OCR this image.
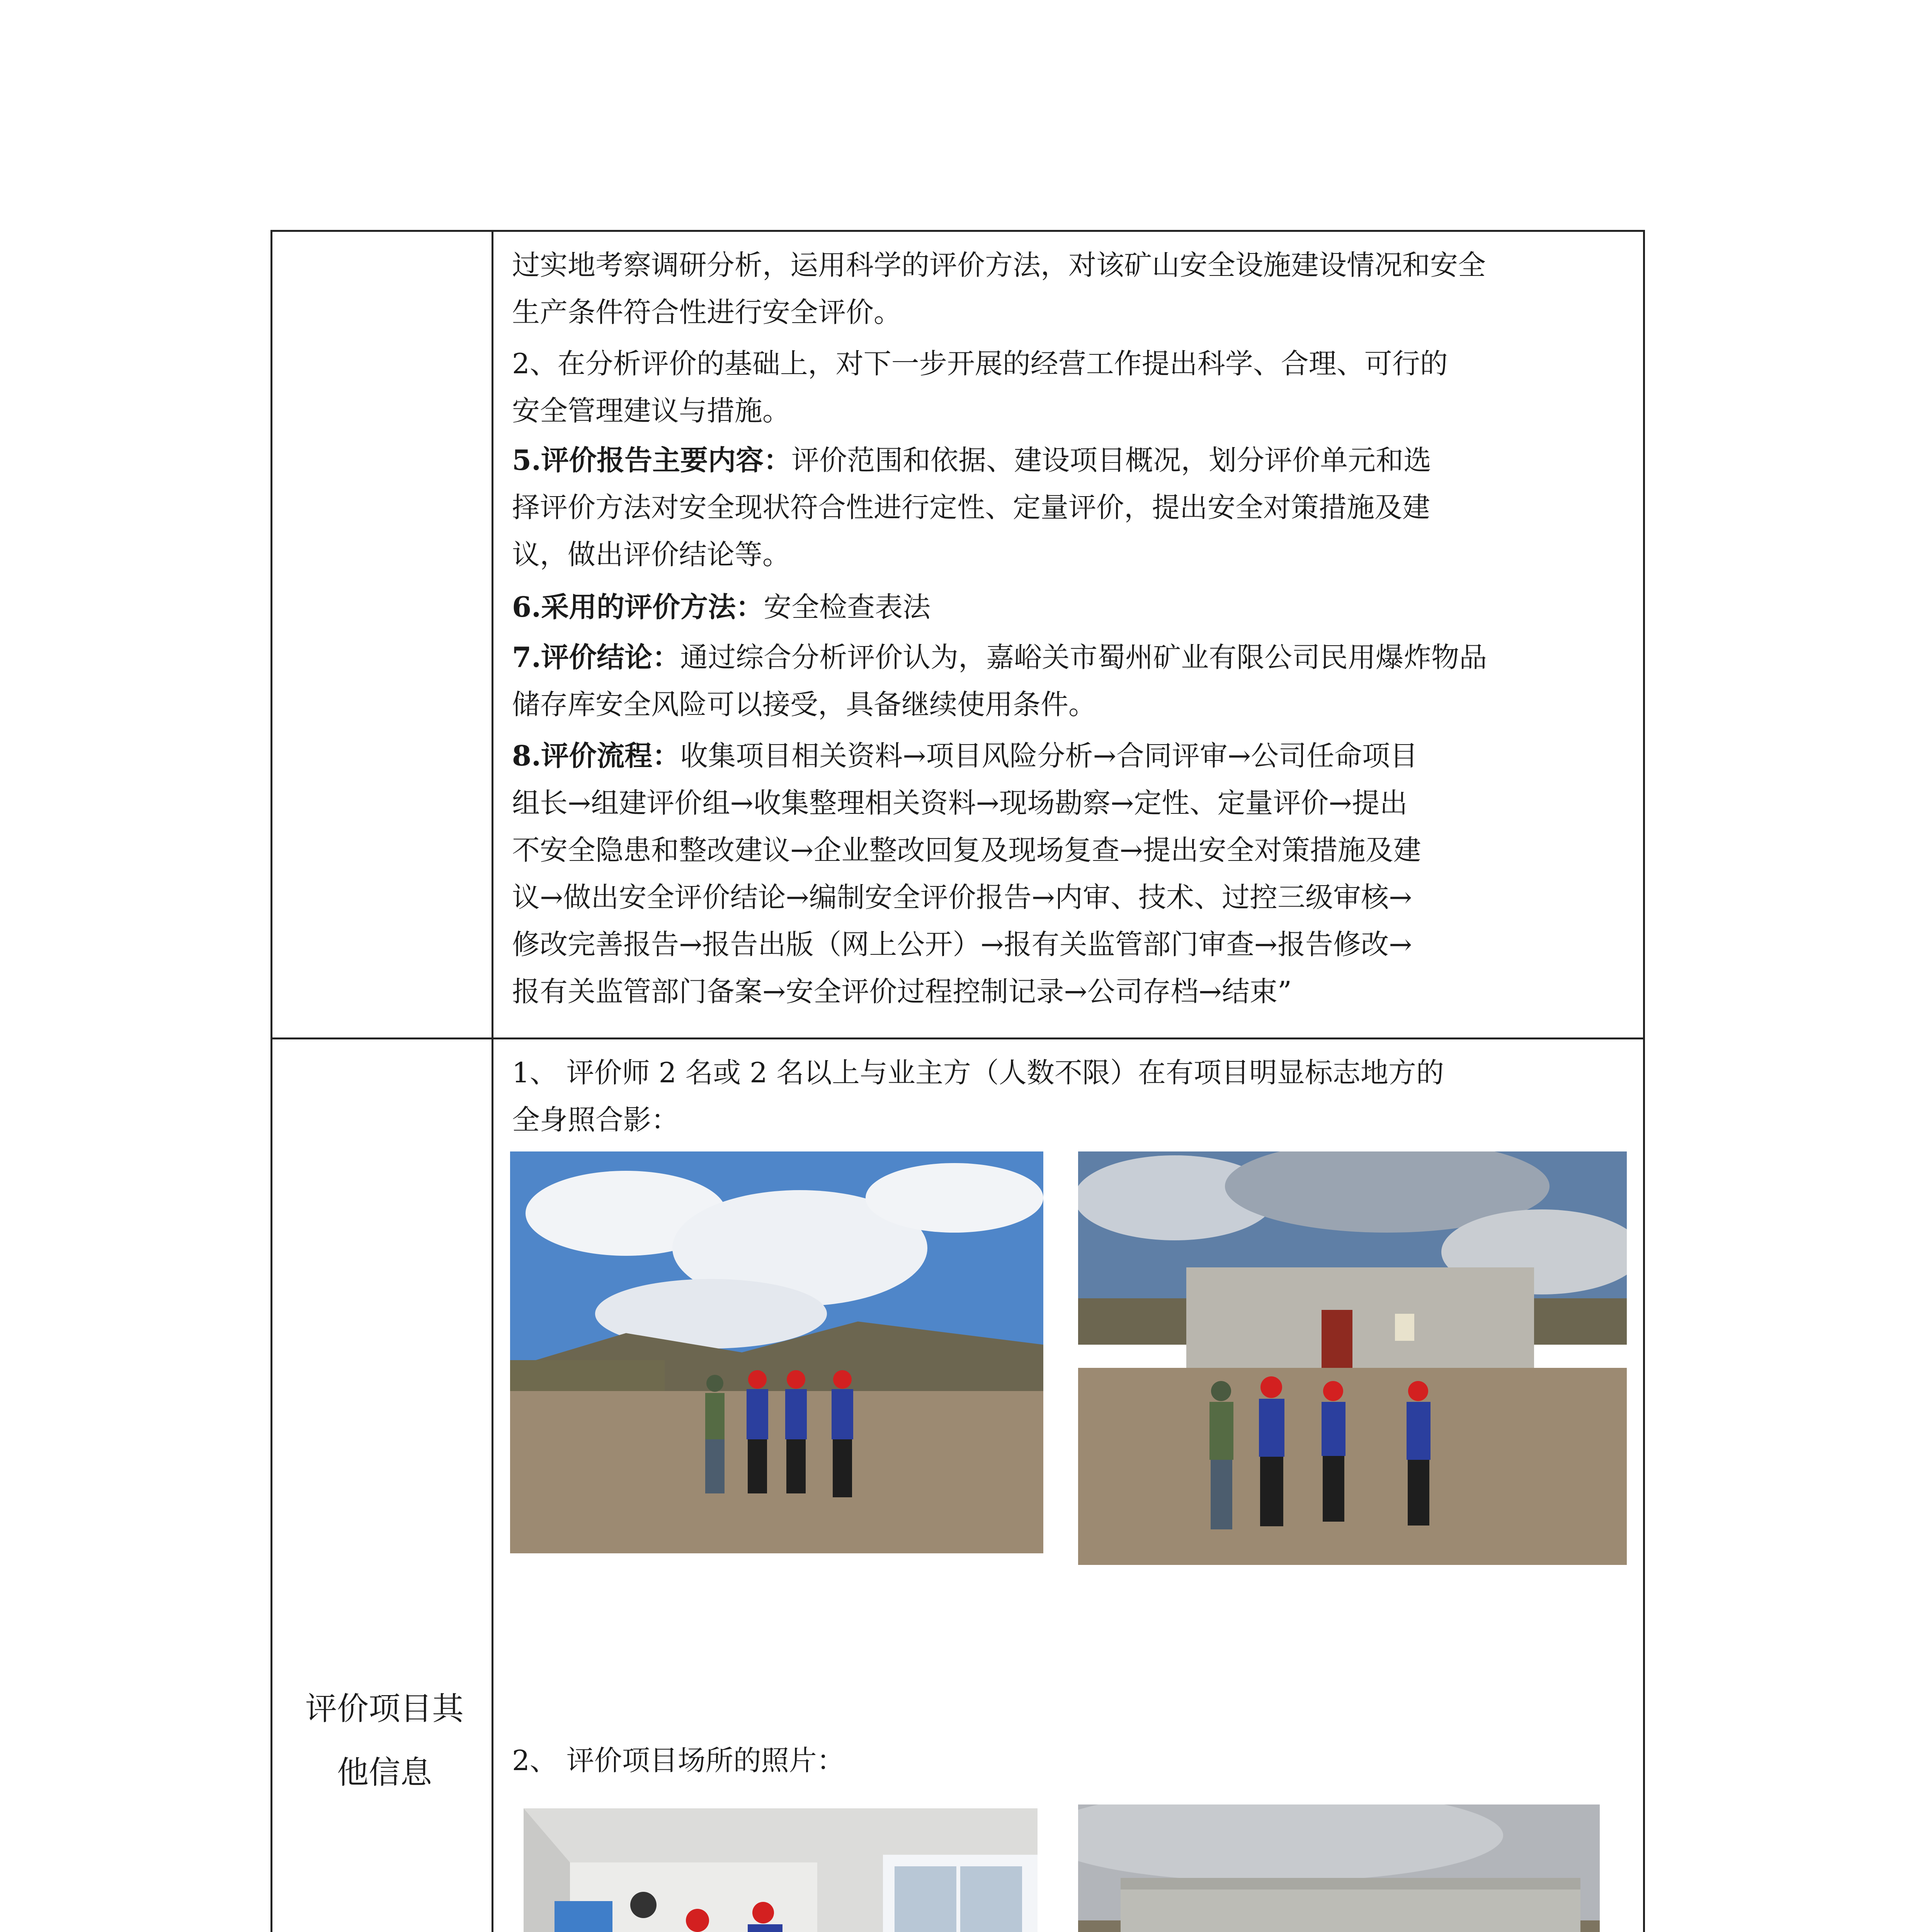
过实地考察调研分析，运用科学的评价方法，对该矿山安全设施建设情况和安全

生产条件符合性进行安全评价。

2、在分析评价的基础上，对下一步开展的经营工作提出科学、合理、可行的

安全管理建议与措施。

5.评价报告主要内容：评价范围和依据、建设项目概况，划分评价单元和选

择评价方法对安全现状符合性进行定性、定量评价，提出安全对策措施及建

议，做出评价结论等。

6.采用的评价方法：安全检查表法

7.评价结论：通过综合分析评价认为，嘉峪关市蜀州矿业有限公司民用爆炸物品

储存库安全风险可以接受，具备继续使用条件。

8.评价流程：收集项目相关资料→项目风险分析→合同评审→公司任命项目

组长→组建评价组→收集整理相关资料→现场勘察→定性、定量评价→提出

不安全隐患和整改建议→企业整改回复及现场复查→提出安全对策措施及建

议→做出安全评价结论→编制安全评价报告→内审、技术、过控三级审核→

修改完善报告→报告出版（网上公开）→报有关监管部门审查→报告修改→

报有关监管部门备案→安全评价过程控制记录→公司存档→结束”

评价项目其
他信息

1、 评价师 2 名或 2 名以上与业主方（人数不限）在有项目明显标志地方的

全身照合影：

2、 评价项目场所的照片：
